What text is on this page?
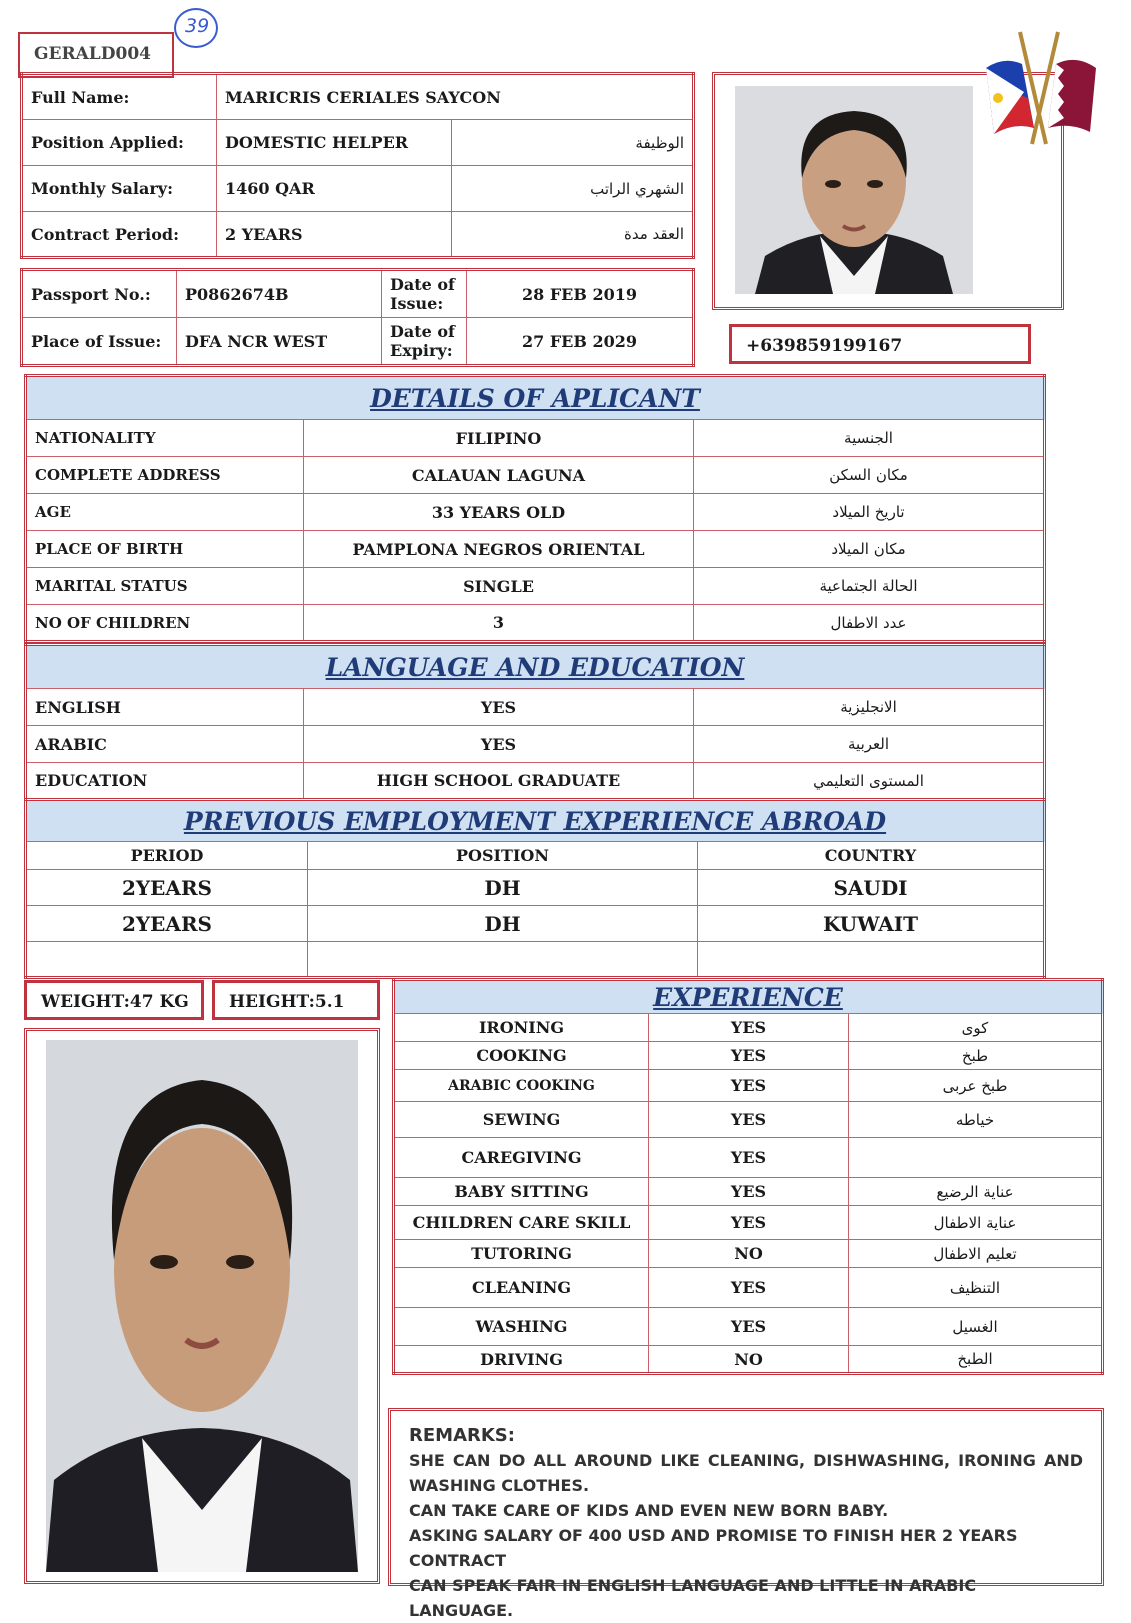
GERALD004
39
Full Name:	MARICRIS CERIALES SAYCON	
Position Applied:	DOMESTIC HELPER	الوظيفة
Monthly Salary:	1460 QAR	الشهري الراتب
Contract Period:	2 YEARS	العقد مدة
Passport No.:	P0862674B	Date of Issue:	28 FEB 2019
Place of Issue:	DFA NCR WEST	Date of Expiry:	27 FEB 2029	+639859199167
DETAILS OF APLICANT		
NATIONALITY	FILIPINO	الجنسية
COMPLETE ADDRESS	CALAUAN LAGUNA	مكان السكن
AGE	33 YEARS OLD	تاريخ الميلاد
PLACE OF BIRTH	PAMPLONA NEGROS ORIENTAL	مكان الميلاد
MARITAL STATUS	SINGLE	الحالة الجتماعية
NO OF CHILDREN	3	عدد الاطفال
LANGUAGE AND EDUCATION		
ENGLISH	YES	الانجليزية
ARABIC	YES	العربية
EDUCATION	HIGH SCHOOL GRADUATE	المستوى التعليمي
PREVIOUS EMPLOYMENT EXPERIENCE ABROAD		
PERIOD	POSITION	COUNTRY
2YEARS	DH	SAUDI
2YEARS	DH	KUWAIT

WEIGHT:47 KG HEIGHT:5.1	EXPERIENCE		
IRONING	YES	كوى
COOKING	YES	طبخ
ARABIC COOKING	YES	طبخ عربى
SEWING	YES	خياطه
CAREGIVING	YES	
BABY SITTING	YES	عناية الرضيع
CHILDREN CARE SKILL	YES	عناية الاطفال
TUTORING	NO	تعليم الاطفال
CLEANING	YES	التنظيف
WASHING	YES	الغسيل
DRIVING	NO	الطبخ
REMARKS:
SHE CAN DO ALL AROUND LIKE CLEANING, DISHWASHING, IRONING AND WASHING CLOTHES.
CAN TAKE CARE OF KIDS AND EVEN NEW BORN BABY.
ASKING SALARY OF 400 USD AND PROMISE TO FINISH HER 2 YEARS CONTRACT
CAN SPEAK FAIR IN ENGLISH LANGUAGE AND LITTLE IN ARABIC LANGUAGE.
